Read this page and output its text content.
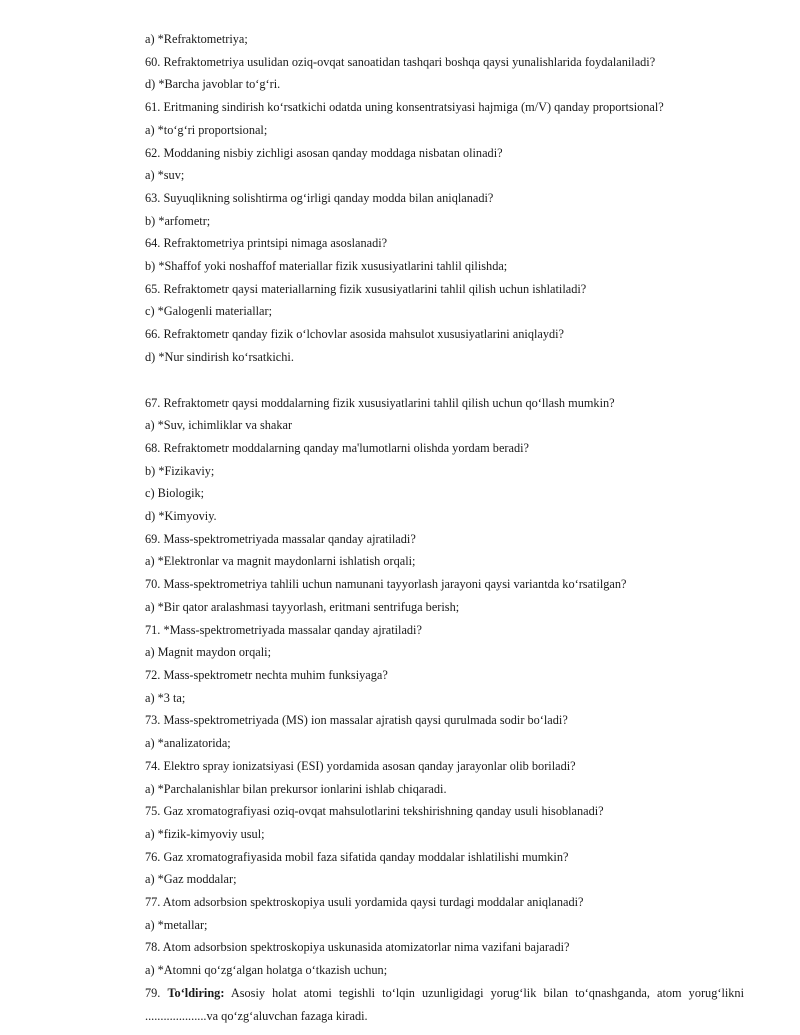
a) *Refraktometriya;

60. Refraktometriya usulidan oziq-ovqat sanoatidan tashqari boshqa qaysi yunalishlarida foydalaniladi?

d) *Barcha javoblar to‘g‘ri.

61. Eritmaning sindirish ko‘rsatkichi odatda uning konsentratsiyasi hajmiga (m/V) qanday proportsional?

a) *to‘g‘ri proportsional;

62. Moddaning nisbiy zichligi asosan qanday moddaga nisbatan olinadi?

a) *suv;

63. Suyuqlikning solishtirma og‘irligi qanday modda bilan aniqlanadi?

b) *arfometr;

64. Refraktometriya printsipi nimaga asoslanadi?

b) *Shaffof yoki noshaffof materiallar fizik xususiyatlarini tahlil qilishda;

65. Refraktometr qaysi materiallarning fizik xususiyatlarini tahlil qilish uchun ishlatiladi?

c) *Galogenli materiallar;

66. Refraktometr qanday fizik o‘lchovlar asosida mahsulot xususiyatlarini aniqlaydi?

d) *Nur sindirish ko‘rsatkichi.

67. Refraktometr qaysi moddalarning fizik xususiyatlarini tahlil qilish uchun qo‘llash mumkin?

a) *Suv, ichimliklar va shakar

68. Refraktometr moddalarning qanday ma'lumotlarni olishda yordam beradi?

b) *Fizikaviy;

c) Biologik;

d) *Kimyoviy.

69. Mass-spektrometriyada massalar qanday ajratiladi?

a) *Elektronlar va magnit maydonlarni ishlatish orqali;

70. Mass-spektrometriya tahlili uchun namunani tayyorlash jarayoni qaysi variantda ko‘rsatilgan?

a) *Bir qator aralashmasi tayyorlash, eritmani sentrifuga berish;

71. *Mass-spektrometriyada massalar qanday ajratiladi?

a) Magnit maydon orqali;

72. Mass-spektrometr nechta muhim funksiyaga?

a) *3 ta;

73. Mass-spektrometriyada (MS) ion massalar ajratish qaysi qurulmada sodir bo‘ladi?

a) *analizatorida;

74. Elektro spray ionizatsiyasi (ESI) yordamida asosan qanday jarayonlar olib boriladi?

a) *Parchalanishlar bilan prekursor ionlarini ishlab chiqaradi.

75. Gaz xromatografiyasi oziq-ovqat mahsulotlarini tekshirishning qanday usuli hisoblanadi?

a) *fizik-kimyoviy usul;

76. Gaz xromatografiyasida mobil faza sifatida qanday moddalar ishlatilishi mumkin?

a) *Gaz moddalar;

77. Atom adsorbsion spektroskopiya usuli yordamida qaysi turdagi moddalar aniqlanadi?

a) *metallar;

78. Atom adsorbsion spektroskopiya uskunasida atomizatorlar nima vazifani bajaradi?

a) *Atomni qo‘zg‘algan holatga o‘tkazish uchun;

79. To‘ldiring: Asosiy holat atomi tegishli to‘lqin uzunligidagi yorug‘lik bilan to‘qnashganda, atom yorug‘likni ....................va qo‘zg‘aluvchan fazaga kiradi.
